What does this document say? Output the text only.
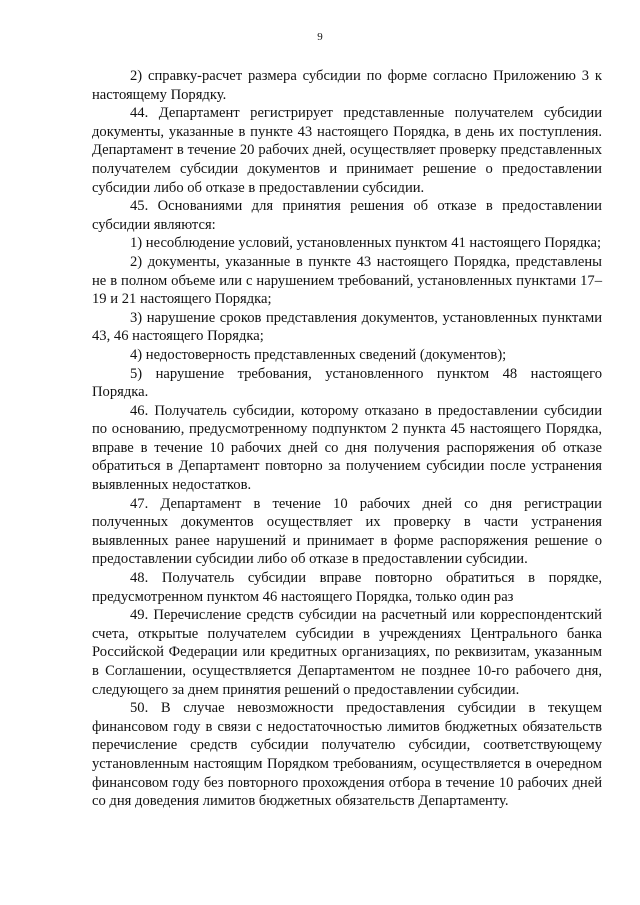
9

2) справку-расчет размера субсидии по форме согласно Приложению 3 к настоящему Порядку.

44. Департамент регистрирует представленные получателем субсидии документы, указанные в пункте 43 настоящего Порядка, в день их поступления. Департамент в течение 20 рабочих дней, осуществляет проверку представленных получателем субсидии документов и принимает решение о предоставлении субсидии либо об отказе в предоставлении субсидии.

45. Основаниями для принятия решения об отказе в предоставлении субсидии являются:

1) несоблюдение условий, установленных пунктом 41 настоящего Порядка;

2) документы, указанные в пункте 43 настоящего Порядка, представлены не в полном объеме или с нарушением требований, установленных пунктами 17–19 и 21 настоящего Порядка;

3) нарушение сроков представления документов, установленных пунктами 43, 46 настоящего Порядка;

4) недостоверность представленных сведений (документов);

5) нарушение требования, установленного пунктом 48 настоящего Порядка.

46. Получатель субсидии, которому отказано в предоставлении субсидии по основанию, предусмотренному подпунктом 2 пункта 45 настоящего Порядка, вправе в течение 10 рабочих дней со дня получения распоряжения об отказе обратиться в Департамент повторно за получением субсидии после устранения выявленных недостатков.

47. Департамент в течение 10 рабочих дней со дня регистрации полученных документов осуществляет их проверку в части устранения выявленных ранее нарушений и принимает в форме распоряжения решение о предоставлении субсидии либо об отказе в предоставлении субсидии.

48. Получатель субсидии вправе повторно обратиться в порядке, предусмотренном пунктом 46 настоящего Порядка, только один раз

49. Перечисление средств субсидии на расчетный или корреспондентский счета, открытые получателем субсидии в учреждениях Центрального банка Российской Федерации или кредитных организациях, по реквизитам, указанным в Соглашении, осуществляется Департаментом не позднее 10-го рабочего дня, следующего за днем принятия решений о предоставлении субсидии.

50. В случае невозможности предоставления субсидии в текущем финансовом году в связи с недостаточностью лимитов бюджетных обязательств перечисление средств субсидии получателю субсидии, соответствующему установленным настоящим Порядком требованиям, осуществляется в очередном финансовом году без повторного прохождения отбора в течение 10 рабочих дней со дня доведения лимитов бюджетных обязательств Департаменту.
